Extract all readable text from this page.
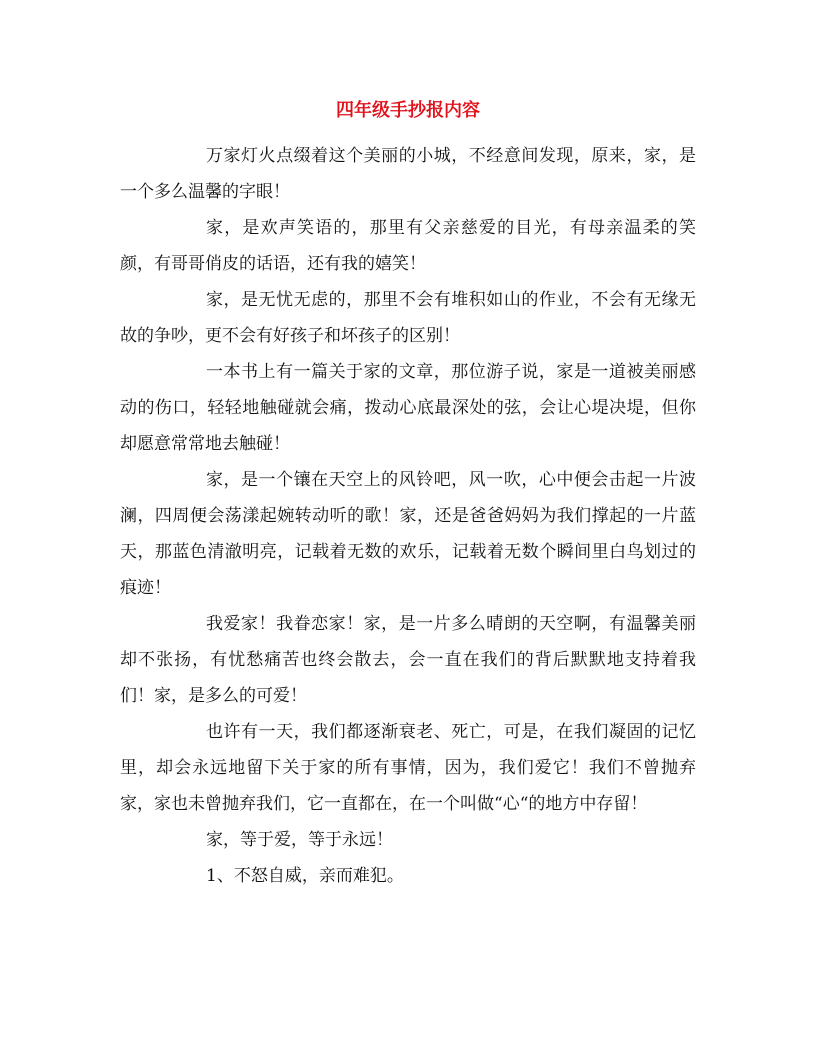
四年级手抄报内容

万家灯火点缀着这个美丽的小城，不经意间发现，原来，家，是一个多么温馨的字眼！

家，是欢声笑语的，那里有父亲慈爱的目光，有母亲温柔的笑颜，有哥哥俏皮的话语，还有我的嬉笑！

家，是无忧无虑的，那里不会有堆积如山的作业，不会有无缘无故的争吵，更不会有好孩子和坏孩子的区别！

一本书上有一篇关于家的文章，那位游子说，家是一道被美丽感动的伤口，轻轻地触碰就会痛，拨动心底最深处的弦，会让心堤决堤，但你却愿意常常地去触碰！

家，是一个镶在天空上的风铃吧，风一吹，心中便会击起一片波澜，四周便会荡漾起婉转动听的歌！家，还是爸爸妈妈为我们撑起的一片蓝天，那蓝色清澈明亮，记载着无数的欢乐，记载着无数个瞬间里白鸟划过的痕迹！

我爱家！我眷恋家！家，是一片多么晴朗的天空啊，有温馨美丽却不张扬，有忧愁痛苦也终会散去，会一直在我们的背后默默地支持着我们！家，是多么的可爱！

也许有一天，我们都逐渐衰老、死亡，可是，在我们凝固的记忆里，却会永远地留下关于家的所有事情，因为，我们爱它！我们不曾抛弃家，家也未曾抛弃我们，它一直都在，在一个叫做“心“的地方中存留！

家，等于爱，等于永远！

1、不怒自威，亲而难犯。
